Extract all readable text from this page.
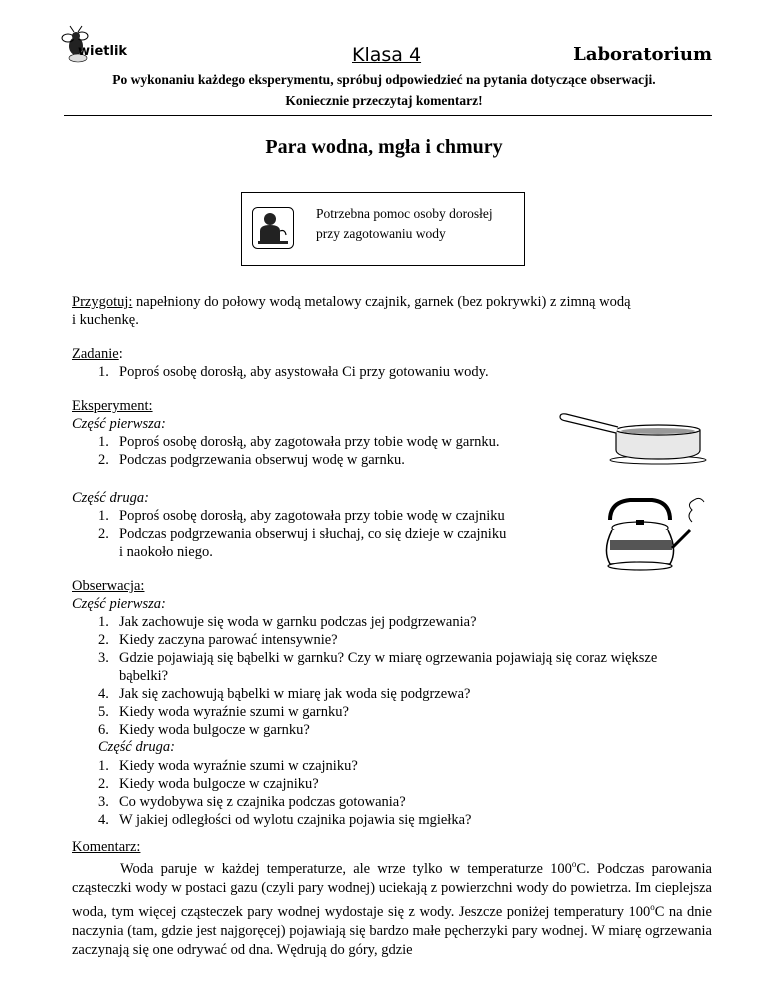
wietlik	Klasa 4	Laboratorium
Po wykonaniu każdego eksperymentu, spróbuj odpowiedzieć na pytania dotyczące obserwacji.
Koniecznie przeczytaj komentarz!
Para wodna, mgła i chmury
Potrzebna pomoc osoby dorosłej
przy zagotowaniu wody
Przygotuj: napełniony do połowy wodą metalowy czajnik, garnek (bez pokrywki) z zimną wodą
i kuchenkę.
Zadanie:
1. Poproś osobę dorosłą, aby asystowała Ci przy gotowaniu wody.
Eksperyment:
Część pierwsza:
1. Poproś osobę dorosłą, aby zagotowała przy tobie wodę w garnku.
2. Podczas podgrzewania obserwuj wodę w garnku.
Część druga:
1. Poproś osobę dorosłą, aby zagotowała przy tobie wodę w czajniku
2. Podczas podgrzewania obserwuj i słuchaj, co się dzieje w czajniku
i naokoło niego.
Obserwacja:
Część pierwsza:
1. Jak zachowuje się woda w garnku podczas jej podgrzewania?
2. Kiedy zaczyna parować intensywnie?
3. Gdzie pojawiają się bąbelki w garnku? Czy w miarę ogrzewania pojawiają się coraz większe
bąbelki?
4. Jak się zachowują bąbelki w miarę jak woda się podgrzewa?
5. Kiedy woda wyraźnie szumi w garnku?
6. Kiedy woda bulgocze w garnku?
Część druga:
1. Kiedy woda wyraźnie szumi w czajniku?
2. Kiedy woda bulgocze w czajniku?
3. Co wydobywa się z czajnika podczas gotowania?
4. W jakiej odległości od wylotu czajnika pojawia się mgiełka?
Komentarz:
Woda paruje w każdej temperaturze, ale wrze tylko w temperaturze 100$^o$C. Podczas parowania cząsteczki wody w postaci gazu (czyli pary wodnej) uciekają z powierzchni wody do powietrza. Im cieplejsza woda, tym więcej cząsteczek pary wodnej wydostaje się z wody. Jeszcze poniżej temperatury 100$^o$C na dnie naczynia (tam, gdzie jest najgoręcej) pojawiają się bardzo małe pęcherzyki pary wodnej. W miarę ogrzewania zaczynają się one odrywać od dna. Wędrują do góry, gdzie
